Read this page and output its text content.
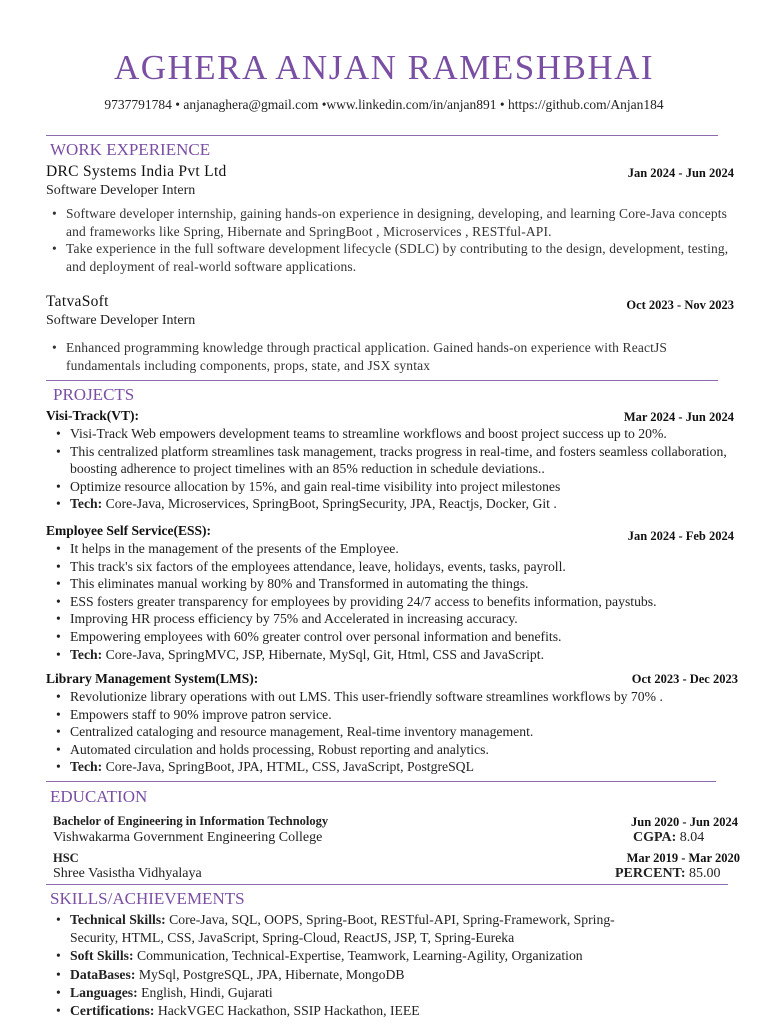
AGHERA ANJAN RAMESHBHAI
9737791784 • anjanaghera@gmail.com •www.linkedin.com/in/anjan891 • https://github.com/Anjan184
WORK EXPERIENCE
DRC Systems India Pvt Ltd	Jan 2024 - Jun 2024
Software Developer Intern
• Software developer internship, gaining hands-on experience in designing, developing, and learning Core-Java concepts and frameworks like Spring, Hibernate and SpringBoot , Microservices , RESTful-API.
• Take experience in the full software development lifecycle (SDLC) by contributing to the design, development, testing, and deployment of real-world software applications.
TatvaSoft	Oct 2023 - Nov 2023
Software Developer Intern
• Enhanced programming knowledge through practical application. Gained hands-on experience with ReactJS fundamentals including components, props, state, and JSX syntax
PROJECTS
Visi-Track(VT):	Mar 2024 - Jun 2024
• Visi-Track Web empowers development teams to streamline workflows and boost project success up to 20%.
• This centralized platform streamlines task management, tracks progress in real-time, and fosters seamless collaboration, boosting adherence to project timelines with an 85% reduction in schedule deviations..
• Optimize resource allocation by 15%, and gain real-time visibility into project milestones
• Tech: Core-Java, Microservices, SpringBoot, SpringSecurity, JPA, Reactjs, Docker, Git .
Employee Self Service(ESS):	Jan 2024 - Feb 2024
• It helps in the management of the presents of the Employee.
• This track's six factors of the employees attendance, leave, holidays, events, tasks, payroll.
• This eliminates manual working by 80% and Transformed in automating the things.
• ESS fosters greater transparency for employees by providing 24/7 access to benefits information, paystubs.
• Improving HR process efficiency by 75% and Accelerated in increasing accuracy.
• Empowering employees with 60% greater control over personal information and benefits.
• Tech: Core-Java, SpringMVC, JSP, Hibernate, MySql, Git, Html, CSS and JavaScript.
Library Management System(LMS):	Oct 2023 - Dec 2023
• Revolutionize library operations with out LMS. This user-friendly software streamlines workflows by 70% .
• Empowers staff to 90% improve patron service.
• Centralized cataloging and resource management, Real-time inventory management.
• Automated circulation and holds processing, Robust reporting and analytics.
• Tech: Core-Java, SpringBoot, JPA, HTML, CSS, JavaScript, PostgreSQL
EDUCATION
Bachelor of Engineering in Information Technology	Jun 2020 - Jun 2024
Vishwakarma Government Engineering College	CGPA: 8.04
HSC	Mar 2019 - Mar 2020
Shree Vasistha Vidhyalaya	PERCENT: 85.00
SKILLS/ACHIEVEMENTS
• Technical Skills: Core-Java, SQL, OOPS, Spring-Boot, RESTful-API, Spring-Framework, Spring-Security, HTML, CSS, JavaScript, Spring-Cloud, ReactJS, JSP, T, Spring-Eureka
• Soft Skills: Communication, Technical-Expertise, Teamwork, Learning-Agility, Organization
• DataBases: MySql, PostgreSQL, JPA, Hibernate, MongoDB
• Languages: English, Hindi, Gujarati
• Certifications: HackVGEC Hackathon, SSIP Hackathon, IEEE
